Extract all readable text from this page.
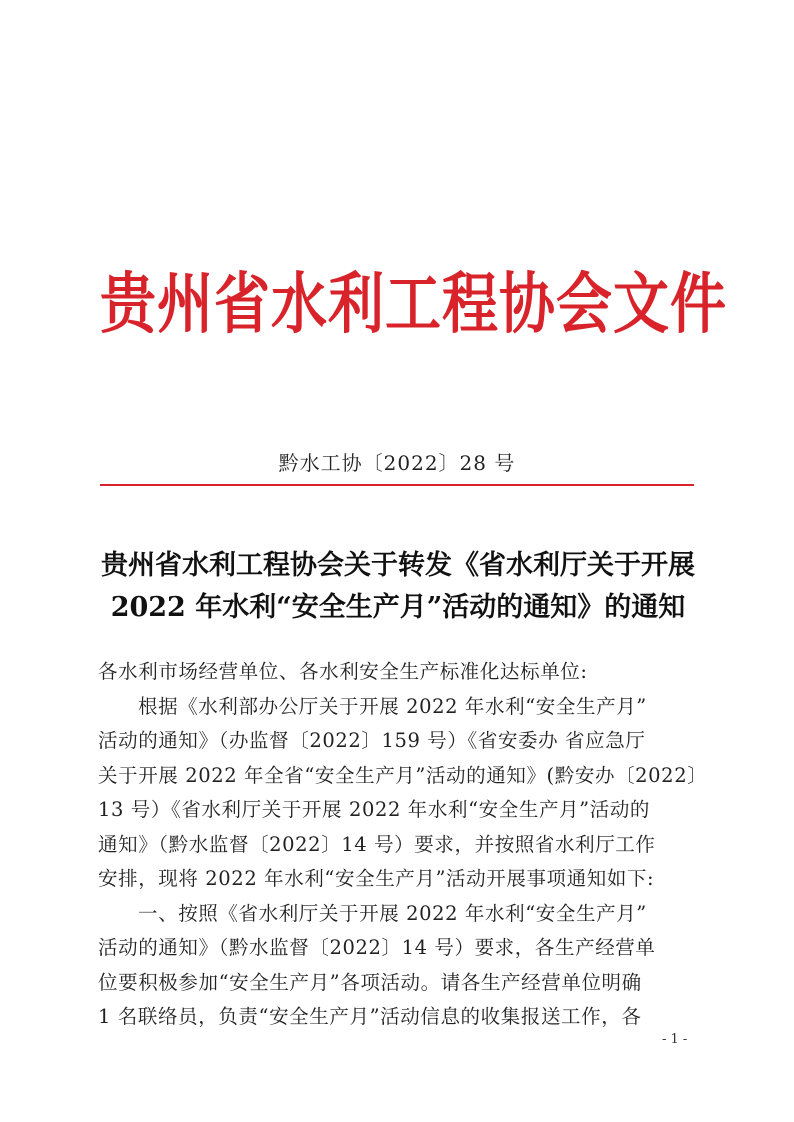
贵州省水利工程协会文件
黔水工协〔2022〕28 号
贵州省水利工程协会关于转发《省水利厅关于开展
2022 年水利“安全生产月”活动的通知》的通知

各水利市场经营单位、各水利安全生产标准化达标单位:

根据《水利部办公厅关于开展 2022 年水利“安全生产月”

活动的通知》（办监督〔2022〕159 号）《省安委办 省应急厅

关于开展 2022 年全省“安全生产月”活动的通知》(黔安办〔2022〕

13 号）《省水利厅关于开展 2022 年水利“安全生产月”活动的

通知》（黔水监督〔2022〕14 号）要求，并按照省水利厅工作

安排，现将 2022 年水利“安全生产月”活动开展事项通知如下:

一、按照《省水利厅关于开展 2022 年水利“安全生产月”

活动的通知》（黔水监督〔2022〕14 号）要求，各生产经营单

位要积极参加“安全生产月”各项活动。请各生产经营单位明确

1 名联络员，负责“安全生产月”活动信息的收集报送工作，各

- 1 -
